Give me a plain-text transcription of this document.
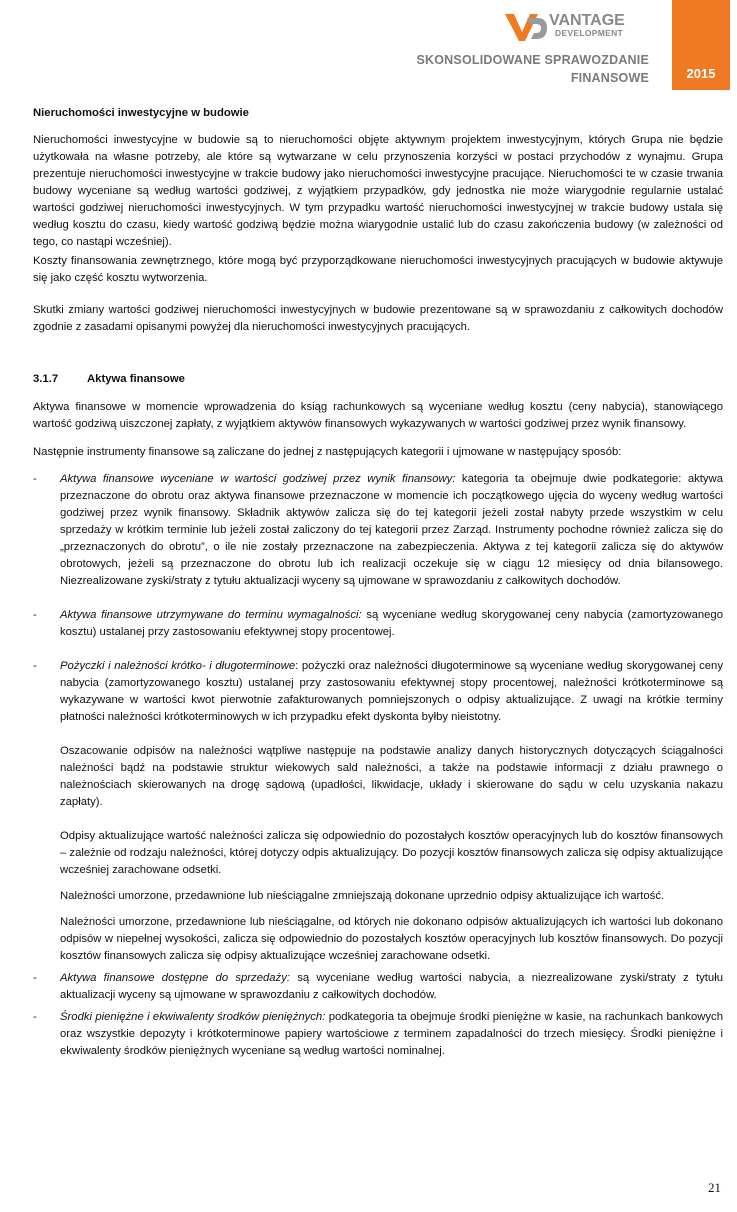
VANTAGE
DEVELOPMENT
SKONSOLIDOWANE SPRAWOZDANIE
FINANSOWE	2015

Nieruchomości inwestycyjne w budowie

Nieruchomości inwestycyjne w budowie są to nieruchomości objęte aktywnym projektem inwestycyjnym, których Grupa nie będzie użytkowała na własne potrzeby, ale które są wytwarzane w celu przynoszenia korzyści w postaci przychodów z wynajmu. Grupa prezentuje nieruchomości inwestycyjne w trakcie budowy jako nieruchomości inwestycyjne pracujące. Nieruchomości te w czasie trwania budowy wyceniane są według wartości godziwej, z wyjątkiem przypadków, gdy jednostka nie może wiarygodnie regularnie ustalać wartości godziwej nieruchomości inwestycyjnych. W tym przypadku wartość nieruchomości inwestycyjnej w trakcie budowy ustala się według kosztu do czasu, kiedy wartość godziwą będzie można wiarygodnie ustalić lub do czasu zakończenia budowy (w zależności od tego, co nastąpi wcześniej).

Koszty finansowania zewnętrznego, które mogą być przyporządkowane nieruchomości inwestycyjnych pracujących w budowie aktywuje się jako część kosztu wytworzenia.

Skutki zmiany wartości godziwej nieruchomości inwestycyjnych w budowie prezentowane są w sprawozdaniu z całkowitych dochodów zgodnie z zasadami opisanymi powyżej dla nieruchomości inwestycyjnych pracujących.

3.1.7	Aktywa finansowe

Aktywa finansowe w momencie wprowadzenia do ksiąg rachunkowych są wyceniane według kosztu (ceny nabycia), stanowiącego wartość godziwą uiszczonej zapłaty, z wyjątkiem aktywów finansowych wykazywanych w wartości godziwej przez wynik finansowy.

Następnie instrumenty finansowe są zaliczane do jednej z następujących kategorii i ujmowane w następujący sposób:

- Aktywa finansowe wyceniane w wartości godziwej przez wynik finansowy: kategoria ta obejmuje dwie podkategorie: aktywa przeznaczone do obrotu oraz aktywa finansowe przeznaczone w momencie ich początkowego ujęcia do wyceny według wartości godziwej przez wynik finansowy. Składnik aktywów zalicza się do tej kategorii jeżeli został nabyty przede wszystkim w celu sprzedaży w krótkim terminie lub jeżeli został zaliczony do tej kategorii przez Zarząd. Instrumenty pochodne również zalicza się do „przeznaczonych do obrotu”, o ile nie zostały przeznaczone na zabezpieczenia. Aktywa z tej kategorii zalicza się do aktywów obrotowych, jeżeli są przeznaczone do obrotu lub ich realizacji oczekuje się w ciągu 12 miesięcy od dnia bilansowego. Niezrealizowane zyski/straty z tytułu aktualizacji wyceny są ujmowane w sprawozdaniu z całkowitych dochodów.

- Aktywa finansowe utrzymywane do terminu wymagalności: są wyceniane według skorygowanej ceny nabycia (zamortyzowanego kosztu) ustalanej przy zastosowaniu efektywnej stopy procentowej.

- Pożyczki i należności krótko- i długoterminowe: pożyczki oraz należności długoterminowe są wyceniane według skorygowanej ceny nabycia (zamortyzowanego kosztu) ustalanej przy zastosowaniu efektywnej stopy procentowej, należności krótkoterminowe są wykazywane w wartości kwot pierwotnie zafakturowanych pomniejszonych o odpisy aktualizujące. Z uwagi na krótkie terminy płatności należności krótkoterminowych w ich przypadku efekt dyskonta byłby nieistotny.

Oszacowanie odpisów na należności wątpliwe następuje na podstawie analizy danych historycznych dotyczących ściągalności należności bądź na podstawie struktur wiekowych sald należności, a także na podstawie informacji z działu prawnego o należnościach skierowanych na drogę sądową (upadłości, likwidacje, układy i skierowane do sądu w celu uzyskania nakazu zapłaty).

Odpisy aktualizujące wartość należności zalicza się odpowiednio do pozostałych kosztów operacyjnych lub do kosztów finansowych – zależnie od rodzaju należności, której dotyczy odpis aktualizujący. Do pozycji kosztów finansowych zalicza się odpisy aktualizujące wcześniej zarachowane odsetki.

Należności umorzone, przedawnione lub nieściągalne zmniejszają dokonane uprzednio odpisy aktualizujące ich wartość.

Należności umorzone, przedawnione lub nieściągalne, od których nie dokonano odpisów aktualizujących ich wartości lub dokonano odpisów w niepełnej wysokości, zalicza się odpowiednio do pozostałych kosztów operacyjnych lub kosztów finansowych. Do pozycji kosztów finansowych zalicza się odpisy aktualizujące wcześniej zarachowane odsetki.

- Aktywa finansowe dostępne do sprzedaży: są wyceniane według wartości nabycia, a niezrealizowane zyski/straty z tytułu aktualizacji wyceny są ujmowane w sprawozdaniu z całkowitych dochodów.

- Środki pieniężne i ekwiwalenty środków pieniężnych: podkategoria ta obejmuje środki pieniężne w kasie, na rachunkach bankowych oraz wszystkie depozyty i krótkoterminowe papiery wartościowe z terminem zapadalności do trzech miesięcy. Środki pieniężne i ekwiwalenty środków pieniężnych wyceniane są według wartości nominalnej.

21
